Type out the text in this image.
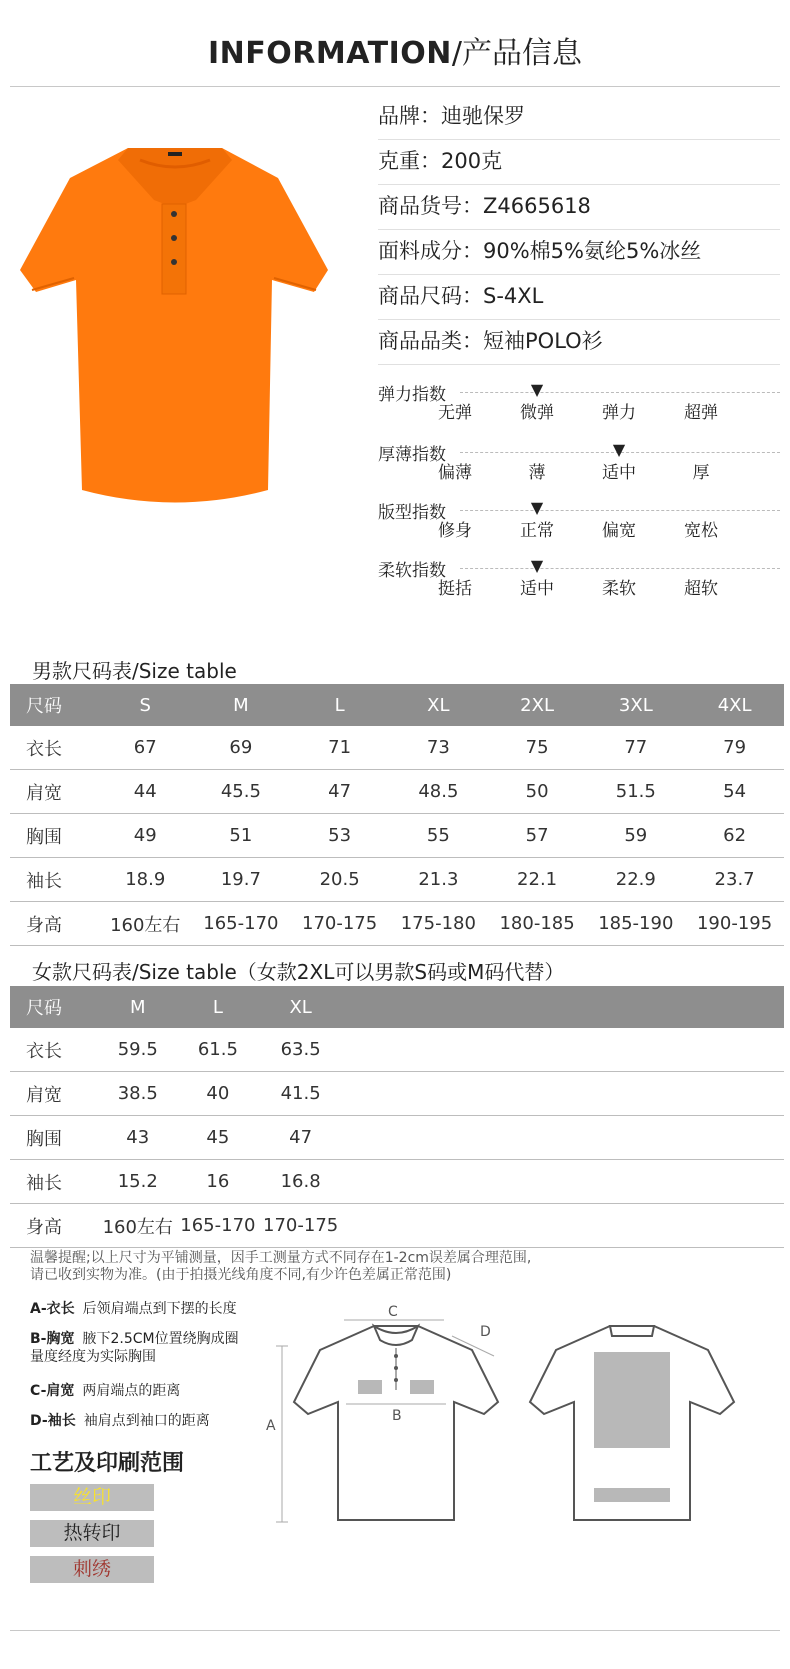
INFORMATION/产品信息
品牌：迪驰保罗
克重：200克
商品货号：Z4665618
面料成分：90%棉5%氨纶5%冰丝
商品尺码：S-4XL
商品品类：短袖POLO衫
弹力指数
无弹	微弹
▼
弹力	超弹
厚薄指数
偏薄	薄	适中
▼
厚
版型指数
修身	正常
▼
偏宽	宽松
柔软指数
挺括	适中
▼
柔软	超软
男款尺码表/Size table
尺码	S	M	L	XL	2XL	3XL	4XL
衣长	67	69	71	73	75	77	79
肩宽	44	45.5	47	48.5	50	51.5	54
胸围	49	51	53	55	57	59	62
袖长	18.9	19.7	20.5	21.3	22.1	22.9	23.7
身高	160左右	165-170	170-175	175-180	180-185	185-190	190-195
女款尺码表/Size table（女款2XL可以男款S码或M码代替）
尺码	M	L	XL	
衣长	59.5	61.5	63.5	
肩宽	38.5	40	41.5	
胸围	43	45	47	
袖长	15.2	16	16.8	
身高	160左右	165-170	170-175	
温馨提醒;以上尺寸为平铺测量，因手工测量方式不同存在1-2cm误差属合理范围,
请已收到实物为准。(由于拍摄光线角度不同,有少许色差属正常范围)
A-衣长 后领肩端点到下摆的长度
B-胸宽 腋下2.5CM位置绕胸成圈
量度经度为实际胸围
C-肩宽 两肩端点的距离
D-袖长 袖肩点到袖口的距离
工艺及印刷范围
丝印
热转印
刺绣
A
C
D
B
